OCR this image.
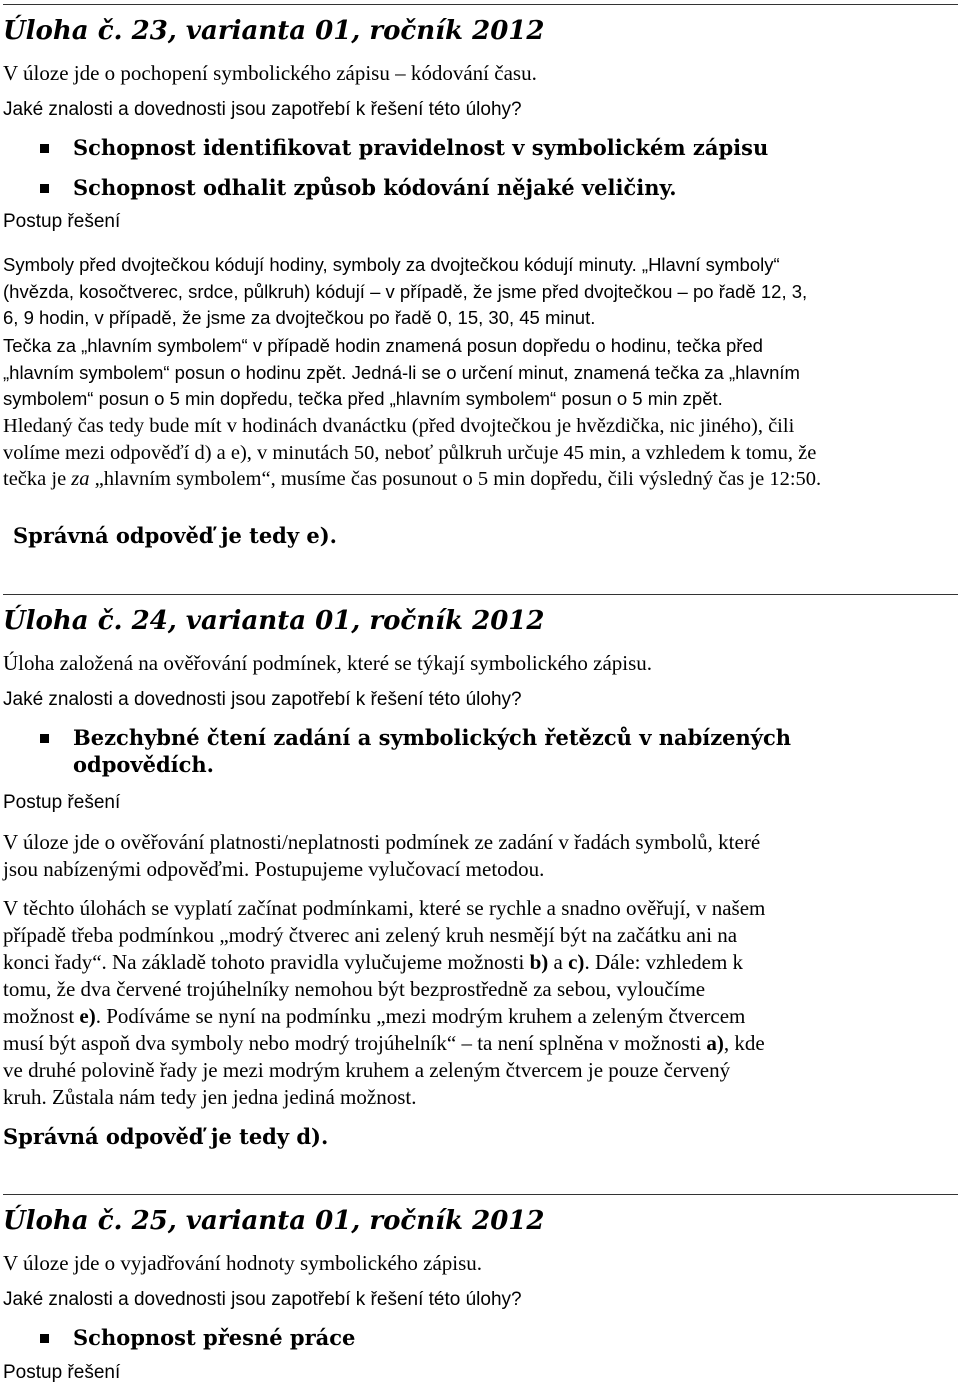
Úloha č. 23, varianta 01, ročník 2012
V úloze jde o pochopení symbolického zápisu – kódování času.
Jaké znalosti a dovednosti jsou zapotřebí k řešení této úlohy?
Schopnost identifikovat pravidelnost v symbolickém zápisu
Schopnost odhalit způsob kódování nějaké veličiny.
Postup řešení
Symboly před dvojtečkou kódují hodiny, symboly za dvojtečkou kódují minuty. „Hlavní symboly“
(hvězda, kosočtverec, srdce, půlkruh) kódují – v případě, že jsme před dvojtečkou – po řadě 12, 3,
6, 9 hodin, v případě, že jsme za dvojtečkou po řadě 0, 15, 30, 45 minut.
Tečka za „hlavním symbolem“ v případě hodin znamená posun dopředu o hodinu, tečka před
„hlavním symbolem“ posun o hodinu zpět. Jedná-li se o určení minut, znamená tečka za „hlavním
symbolem“ posun o 5 min dopředu, tečka před „hlavním symbolem“ posun o 5 min zpět.
Hledaný čas tedy bude mít v hodinách dvanáctku (před dvojtečkou je hvězdička, nic jiného), čili
volíme mezi odpověďí d) a e), v minutách 50, neboť půlkruh určuje 45 min, a vzhledem k tomu, že
tečka je za „hlavním symbolem“, musíme čas posunout o 5 min dopředu, čili výsledný čas je 12:50.
Správná odpověď je tedy e).
Úloha č. 24, varianta 01, ročník 2012
Úloha založená na ověřování podmínek, které se týkají symbolického zápisu.
Jaké znalosti a dovednosti jsou zapotřebí k řešení této úlohy?
Bezchybné čtení zadání a symbolických řetězců v nabízených
odpovědích.
Postup řešení
V úloze jde o ověřování platnosti/neplatnosti podmínek ze zadání v řadách symbolů, které
jsou nabízenými odpověďmi. Postupujeme vylučovací metodou.
V těchto úlohách se vyplatí začínat podmínkami, které se rychle a snadno ověřují, v našem
případě třeba podmínkou „modrý čtverec ani zelený kruh nesmějí být na začátku ani na
konci řady“. Na základě tohoto pravidla vylučujeme možnosti b) a c). Dále: vzhledem k
tomu, že dva červené trojúhelníky nemohou být bezprostředně za sebou, vyloučíme
možnost e). Podíváme se nyní na podmínku „mezi modrým kruhem a zeleným čtvercem
musí být aspoň dva symboly nebo modrý trojúhelník“ – ta není splněna v možnosti a), kde
ve druhé polovině řady je mezi modrým kruhem a zeleným čtvercem je pouze červený
kruh. Zůstala nám tedy jen jedna jediná možnost.
Správná odpověď je tedy d).
Úloha č. 25, varianta 01, ročník 2012
V úloze jde o vyjadřování hodnoty symbolického zápisu.
Jaké znalosti a dovednosti jsou zapotřebí k řešení této úlohy?
Schopnost přesné práce
Postup řešení
